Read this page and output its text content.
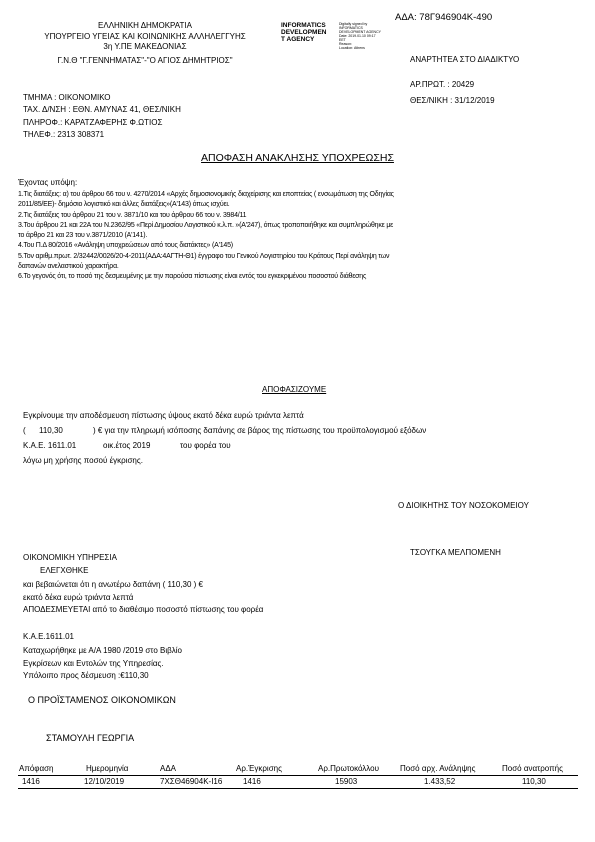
ΑΔΑ: 78Γ946904Κ-490
ΕΛΛΗΝΙΚΗ ΔΗΜΟΚΡΑΤΙΑ
ΥΠΟΥΡΓΕΙΟ ΥΓΕΙΑΣ ΚΑΙ ΚΟΙΝΩΝΙΚΗΣ ΑΛΛΗΛΕΓΓΥΗΣ
3η Υ.ΠΕ ΜΑΚΕΔΟΝΙΑΣ
Γ.Ν.Θ "Γ.ΓΕΝΝΗΜΑΤΑΣ"-"Ο ΑΓΙΟΣ ΔΗΜΗΤΡΙΟΣ"
INFORMATICS
DEVELOPMEN
T AGENCY
Digitally signed by
INFORMATICS
DEVELOPMENT AGENCY
Date: 2019.01.10 09:17
EET
Reason:
Location: Athens
ΑΝΑΡΤΗΤΕΑ ΣΤΟ ΔΙΑΔΙΚΤΥΟ
ΑΡ.ΠΡΩΤ. : 20429
ΘΕΣ/ΝΙΚΗ : 31/12/2019
ΤΜΗΜΑ : ΟΙΚΟΝΟΜΙΚΟ
ΤΑΧ. Δ/ΝΣΗ : ΕΘΝ. ΑΜΥΝΑΣ 41, ΘΕΣ/ΝΙΚΗ
ΠΛΗΡΟΦ.: ΚΑΡΑΤΖΑΦΕΡΗΣ Φ.ΩΤΙΟΣ
ΤΗΛΕΦ.: 2313 308371
ΑΠΟΦΑΣΗ ΑΝΑΚΛΗΣΗΣ ΥΠΟΧΡΕΩΣΗΣ
Έχοντας υπόψη:
1.Τις διατάξεις: α) του άρθρου 66 του ν. 4270/2014 «Αρχές δημοσιονομικής διαχείρισης και εποπτείας ( ενσωμάτωση της Οδηγίας
2011/85/ΕΕ)- δημόσιο λογιστικό και άλλες διατάξεις»(Α'143) όπως ισχύει.
2.Τις διατάξεις του άρθρου 21 του ν. 3871/10 και του άρθρου 66 του ν. 3984/11
3.Του άρθρου 21 και 22Α του Ν.2362/95 «Περί Δημοσίου Λογιστικού κ.λ.π. »(Α'247), όπως τροποποιήθηκε και συμπληρώθηκε με
το άρθρο 21 και 23 του ν.3871/2010 (Α'141).
4.Του Π.Δ 80/2016 «Ανάληψη υποχρεώσεων από τους διατάκτες» (Α'145)
5.Τον αριθμ.πρωτ. 2/32442/0026/20-4-2011(ΑΔΑ:4ΑΓΤΗ-Θ1) έγγραφο του Γενικού Λογιστηρίου του Κράτους Περί ανάληψη των
δαπανών ανελαστικού χαρακτήρα.
6.Το γεγονός ότι, το ποσό της δεσμευμένης με την παρούσα πίστωσης είναι εντός του εγκεκριμένου ποσοστού διάθεσης
ΑΠΟΦΑΣΙΖΟΥΜΕ
Εγκρίνουμε την αποδέσμευση πίστωσης ύψους εκατό δέκα ευρώ τριάντα λεπτά
( 110,30	) € για την πληρωμή ισόποσης δαπάνης σε βάρος της πίστωσης του προϋπολογισμού εξόδων
Κ.Α.Ε. 1611.01	οικ.έτος 2019	του φορέα του
λόγω μη χρήσης ποσού έγκρισης.
Ο ΔΙΟΙΚΗΤΗΣ ΤΟΥ ΝΟΣΟΚΟΜΕΙΟΥ
ΤΣΟΥΓΚΑ ΜΕΛΠΟΜΕΝΗ
ΟΙΚΟΝΟΜΙΚΗ ΥΠΗΡΕΣΙΑ
ΕΛΕΓΧΘΗΚΕ
και βεβαιώνεται ότι η ανωτέρω δαπάνη ( 110,30 ) €
εκατό δέκα ευρώ τριάντα λεπτά
ΑΠΟΔΕΣΜΕΥΕΤΑΙ από το διαθέσιμο ποσοστό πίστωσης του φορέα
Κ.Α.Ε.1611.01
Καταχωρήθηκε με Α/Α 1980 /2019 στο Βιβλίο
Εγκρίσεων και Εντολών της Υπηρεσίας.
Υπόλοιπο προς δέσμευση :€110,30
Ο ΠΡΟΪΣΤΑΜΕΝΟΣ ΟΙΚΟΝΟΜΙΚΩΝ
ΣΤΑΜΟΥΛΗ ΓΕΩΡΓΙΑ
Απόφαση	Ημερομηνία	ΑΔΑ	Αρ.Έγκρισης	Αρ.Πρωτοκόλλου	Ποσό αρχ. Ανάληψης	Ποσό ανατροπής
1416	12/10/2019	7ΧΣΘ46904Κ-Ι16	1416	15903	1.433,52	110,30
